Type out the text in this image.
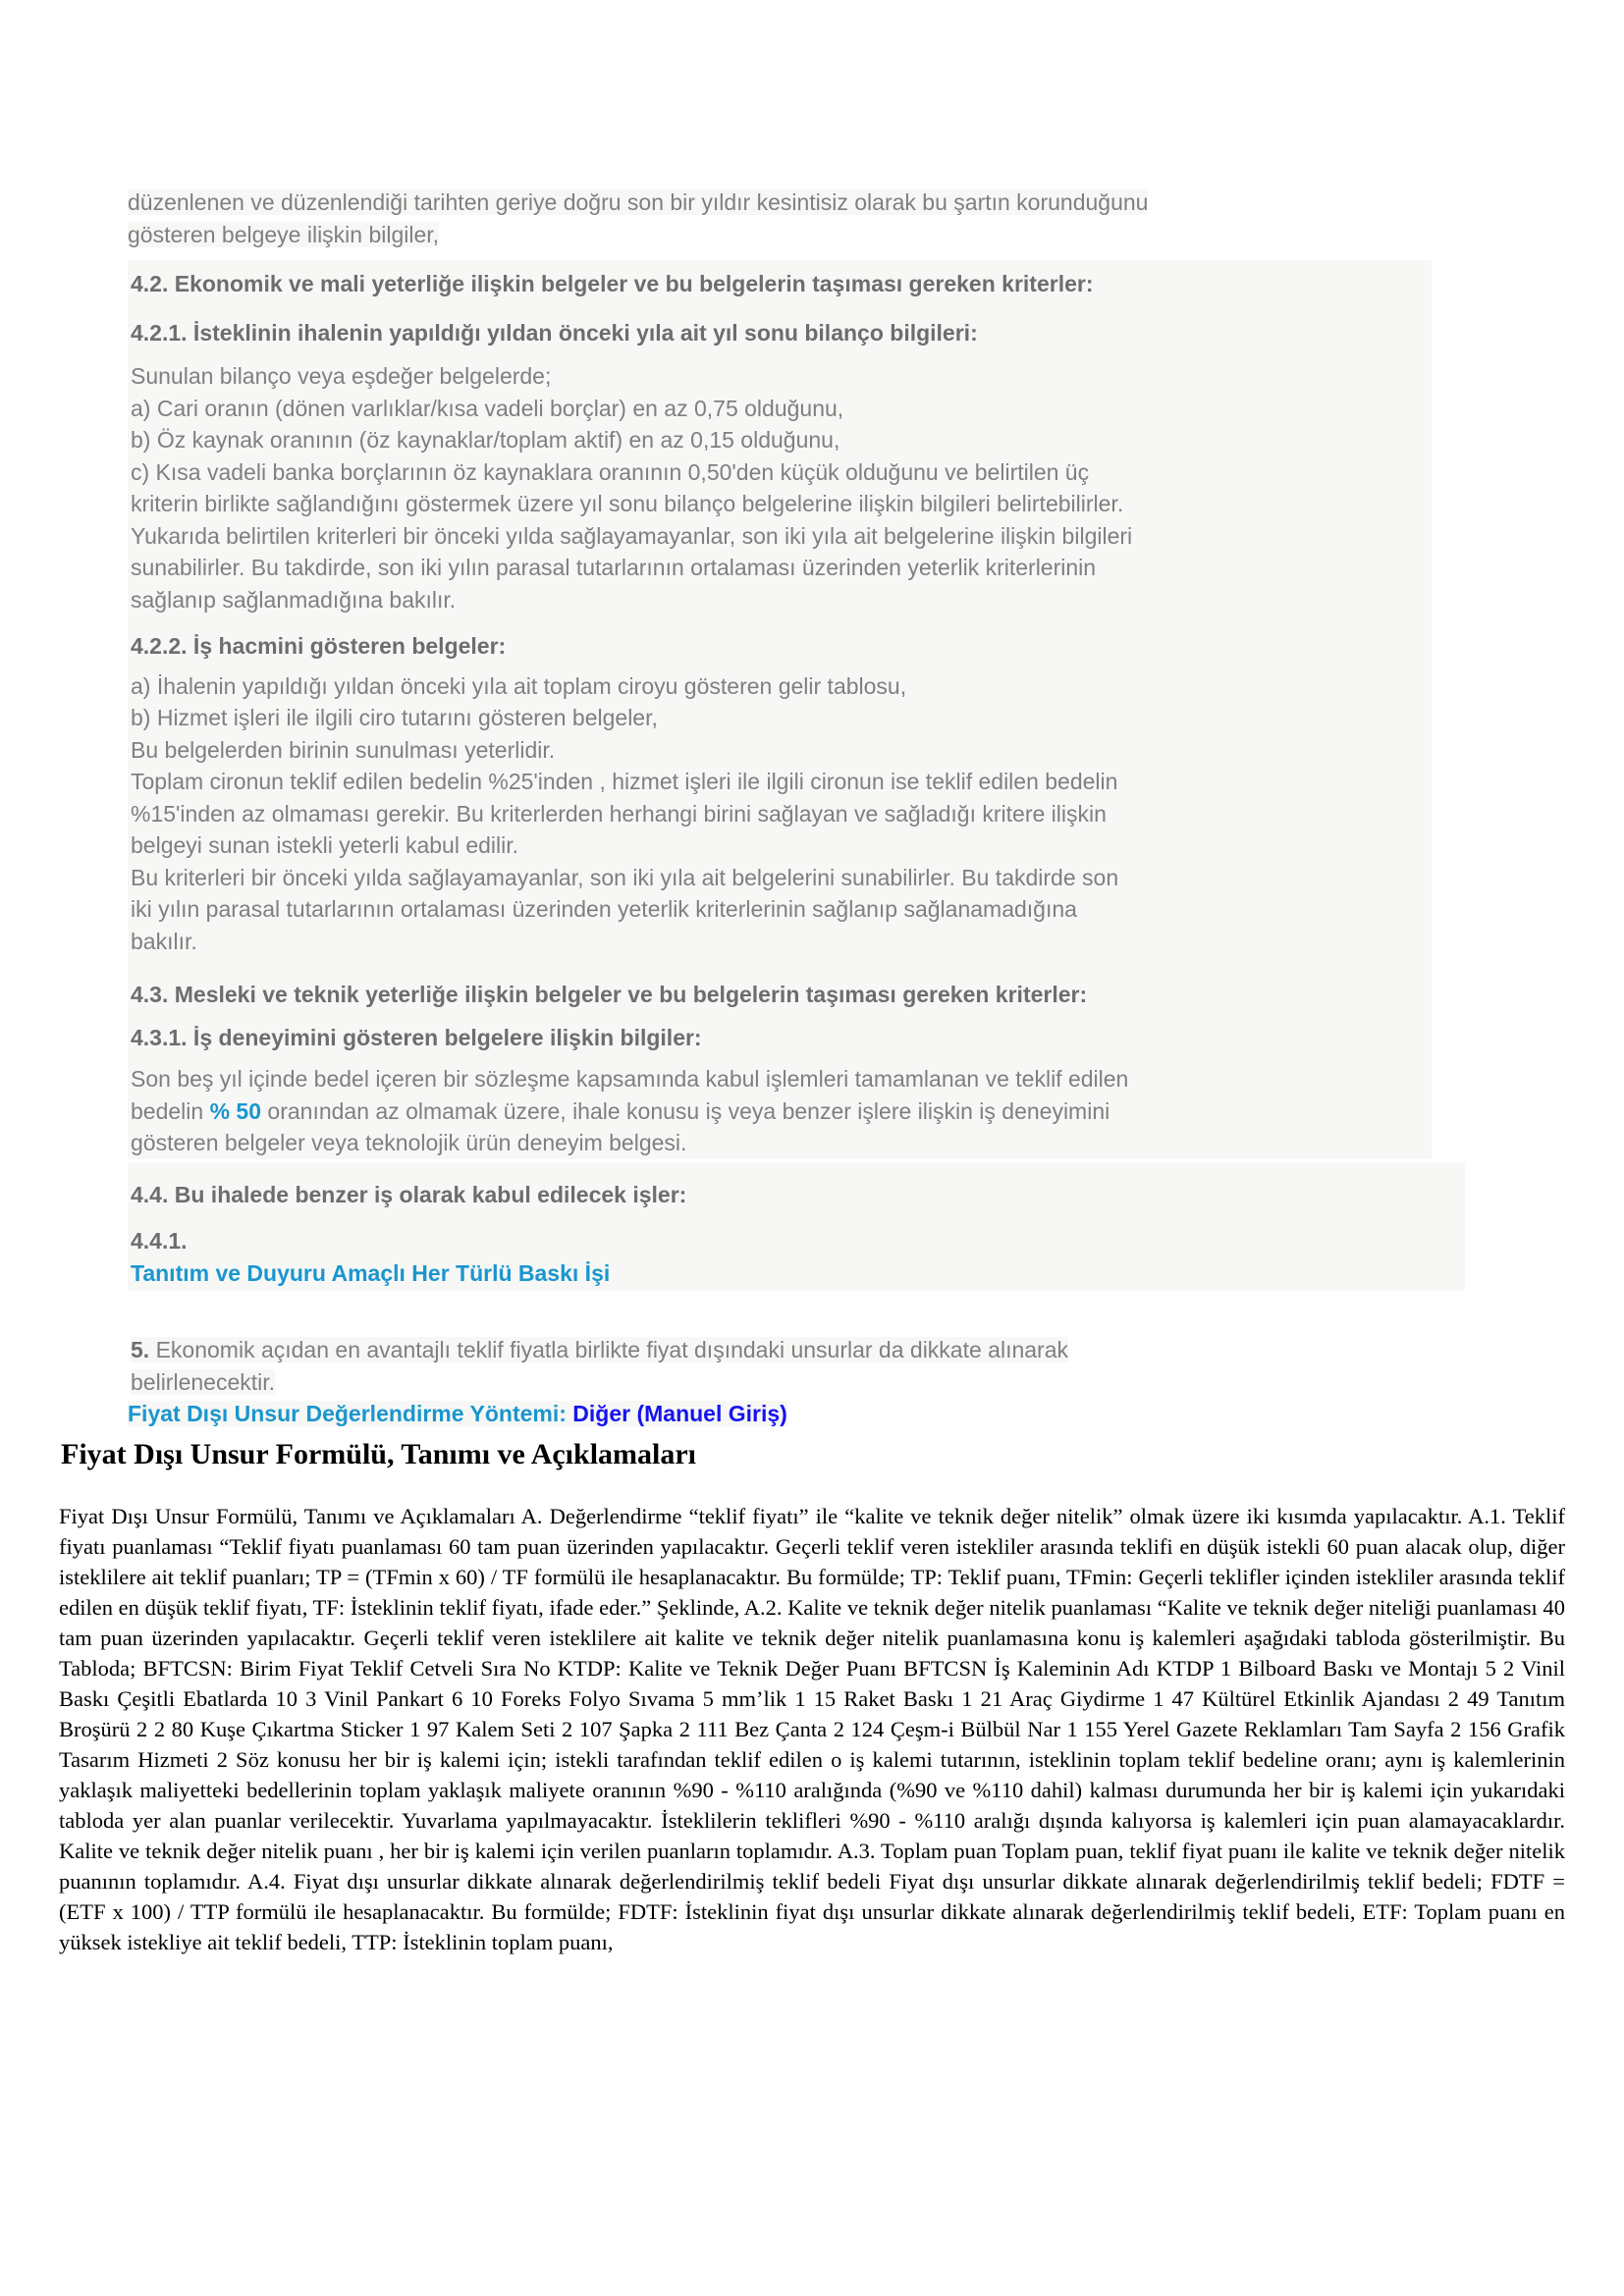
düzenlenen ve düzenlendiği tarihten geriye doğru son bir yıldır kesintisiz olarak bu şartın korunduğunu
gösteren belgeye ilişkin bilgiler,

4.2. Ekonomik ve mali yeterliğe ilişkin belgeler ve bu belgelerin taşıması gereken kriterler:
4.2.1. İsteklinin ihalenin yapıldığı yıldan önceki yıla ait yıl sonu bilanço bilgileri:

Sunulan bilanço veya eşdeğer belgelerde;
a) Cari oranın (dönen varlıklar/kısa vadeli borçlar) en az 0,75 olduğunu,
b) Öz kaynak oranının (öz kaynaklar/toplam aktif) en az 0,15 olduğunu,
c) Kısa vadeli banka borçlarının öz kaynaklara oranının 0,50'den küçük olduğunu ve belirtilen üç
kriterin birlikte sağlandığını göstermek üzere yıl sonu bilanço belgelerine ilişkin bilgileri belirtebilirler.
Yukarıda belirtilen kriterleri bir önceki yılda sağlayamayanlar, son iki yıla ait belgelerine ilişkin bilgileri
sunabilirler. Bu takdirde, son iki yılın parasal tutarlarının ortalaması üzerinden yeterlik kriterlerinin
sağlanıp sağlanmadığına bakılır.

4.2.2. İş hacmini gösteren belgeler:

a) İhalenin yapıldığı yıldan önceki yıla ait toplam ciroyu gösteren gelir tablosu,
b) Hizmet işleri ile ilgili ciro tutarını gösteren belgeler,
Bu belgelerden birinin sunulması yeterlidir.
Toplam cironun teklif edilen bedelin %25'inden , hizmet işleri ile ilgili cironun ise teklif edilen bedelin
%15'inden az olmaması gerekir. Bu kriterlerden herhangi birini sağlayan ve sağladığı kritere ilişkin
belgeyi sunan istekli yeterli kabul edilir.
Bu kriterleri bir önceki yılda sağlayamayanlar, son iki yıla ait belgelerini sunabilirler. Bu takdirde son
iki yılın parasal tutarlarının ortalaması üzerinden yeterlik kriterlerinin sağlanıp sağlanamadığına
bakılır.

4.3. Mesleki ve teknik yeterliğe ilişkin belgeler ve bu belgelerin taşıması gereken kriterler:
4.3.1. İş deneyimini gösteren belgelere ilişkin bilgiler:

Son beş yıl içinde bedel içeren bir sözleşme kapsamında kabul işlemleri tamamlanan ve teklif edilen
bedelin % 50 oranından az olmamak üzere, ihale konusu iş veya benzer işlere ilişkin iş deneyimini
gösteren belgeler veya teknolojik ürün deneyim belgesi.

4.4. Bu ihalede benzer iş olarak kabul edilecek işler:
4.4.1.
Tanıtım ve Duyuru Amaçlı Her Türlü Baskı İşi

5. Ekonomik açıdan en avantajlı teklif fiyatla birlikte fiyat dışındaki unsurlar da dikkate alınarak
belirlenecektir.

Fiyat Dışı Unsur Değerlendirme Yöntemi: Diğer (Manuel Giriş)

Fiyat Dışı Unsur Formülü, Tanımı ve Açıklamaları

Fiyat Dışı Unsur Formülü, Tanımı ve Açıklamaları A. Değerlendirme “teklif fiyatı” ile “kalite ve teknik değer nitelik” olmak üzere iki kısımda yapılacaktır. A.1. Teklif fiyatı puanlaması “Teklif fiyatı puanlaması 60 tam puan üzerinden yapılacaktır. Geçerli teklif veren istekliler arasında teklifi en düşük istekli 60 puan alacak olup, diğer isteklilere ait teklif puanları; TP = (TFmin x 60) / TF formülü ile hesaplanacaktır. Bu formülde; TP: Teklif puanı, TFmin: Geçerli teklifler içinden istekliler arasında teklif edilen en düşük teklif fiyatı, TF: İsteklinin teklif fiyatı, ifade eder.” Şeklinde, A.2. Kalite ve teknik değer nitelik puanlaması “Kalite ve teknik değer niteliği puanlaması 40 tam puan üzerinden yapılacaktır. Geçerli teklif veren isteklilere ait kalite ve teknik değer nitelik puanlamasına konu iş kalemleri aşağıdaki tabloda gösterilmiştir. Bu Tabloda; BFTCSN: Birim Fiyat Teklif Cetveli Sıra No KTDP: Kalite ve Teknik Değer Puanı BFTCSN İş Kaleminin Adı KTDP 1 Bilboard Baskı ve Montajı 5 2 Vinil Baskı Çeşitli Ebatlarda 10 3 Vinil Pankart 6 10 Foreks Folyo Sıvama 5 mm’lik 1 15 Raket Baskı 1 21 Araç Giydirme 1 47 Kültürel Etkinlik Ajandası 2 49 Tanıtım Broşürü 2 2 80 Kuşe Çıkartma Sticker 1 97 Kalem Seti 2 107 Şapka 2 111 Bez Çanta 2 124 Çeşm-i Bülbül Nar 1 155 Yerel Gazete Reklamları Tam Sayfa 2 156 Grafik Tasarım Hizmeti 2 Söz konusu her bir iş kalemi için; istekli tarafından teklif edilen o iş kalemi tutarının, isteklinin toplam teklif bedeline oranı; aynı iş kalemlerinin yaklaşık maliyetteki bedellerinin toplam yaklaşık maliyete oranının %90 - %110 aralığında (%90 ve %110 dahil) kalması durumunda her bir iş kalemi için yukarıdaki tabloda yer alan puanlar verilecektir. Yuvarlama yapılmayacaktır. İsteklilerin teklifleri %90 - %110 aralığı dışında kalıyorsa iş kalemleri için puan alamayacaklardır. Kalite ve teknik değer nitelik puanı , her bir iş kalemi için verilen puanların toplamıdır. A.3. Toplam puan Toplam puan, teklif fiyat puanı ile kalite ve teknik değer nitelik puanının toplamıdır. A.4. Fiyat dışı unsurlar dikkate alınarak değerlendirilmiş teklif bedeli Fiyat dışı unsurlar dikkate alınarak değerlendirilmiş teklif bedeli; FDTF = (ETF x 100) / TTP formülü ile hesaplanacaktır. Bu formülde; FDTF: İsteklinin fiyat dışı unsurlar dikkate alınarak değerlendirilmiş teklif bedeli, ETF: Toplam puanı en yüksek istekliye ait teklif bedeli, TTP: İsteklinin toplam puanı,
